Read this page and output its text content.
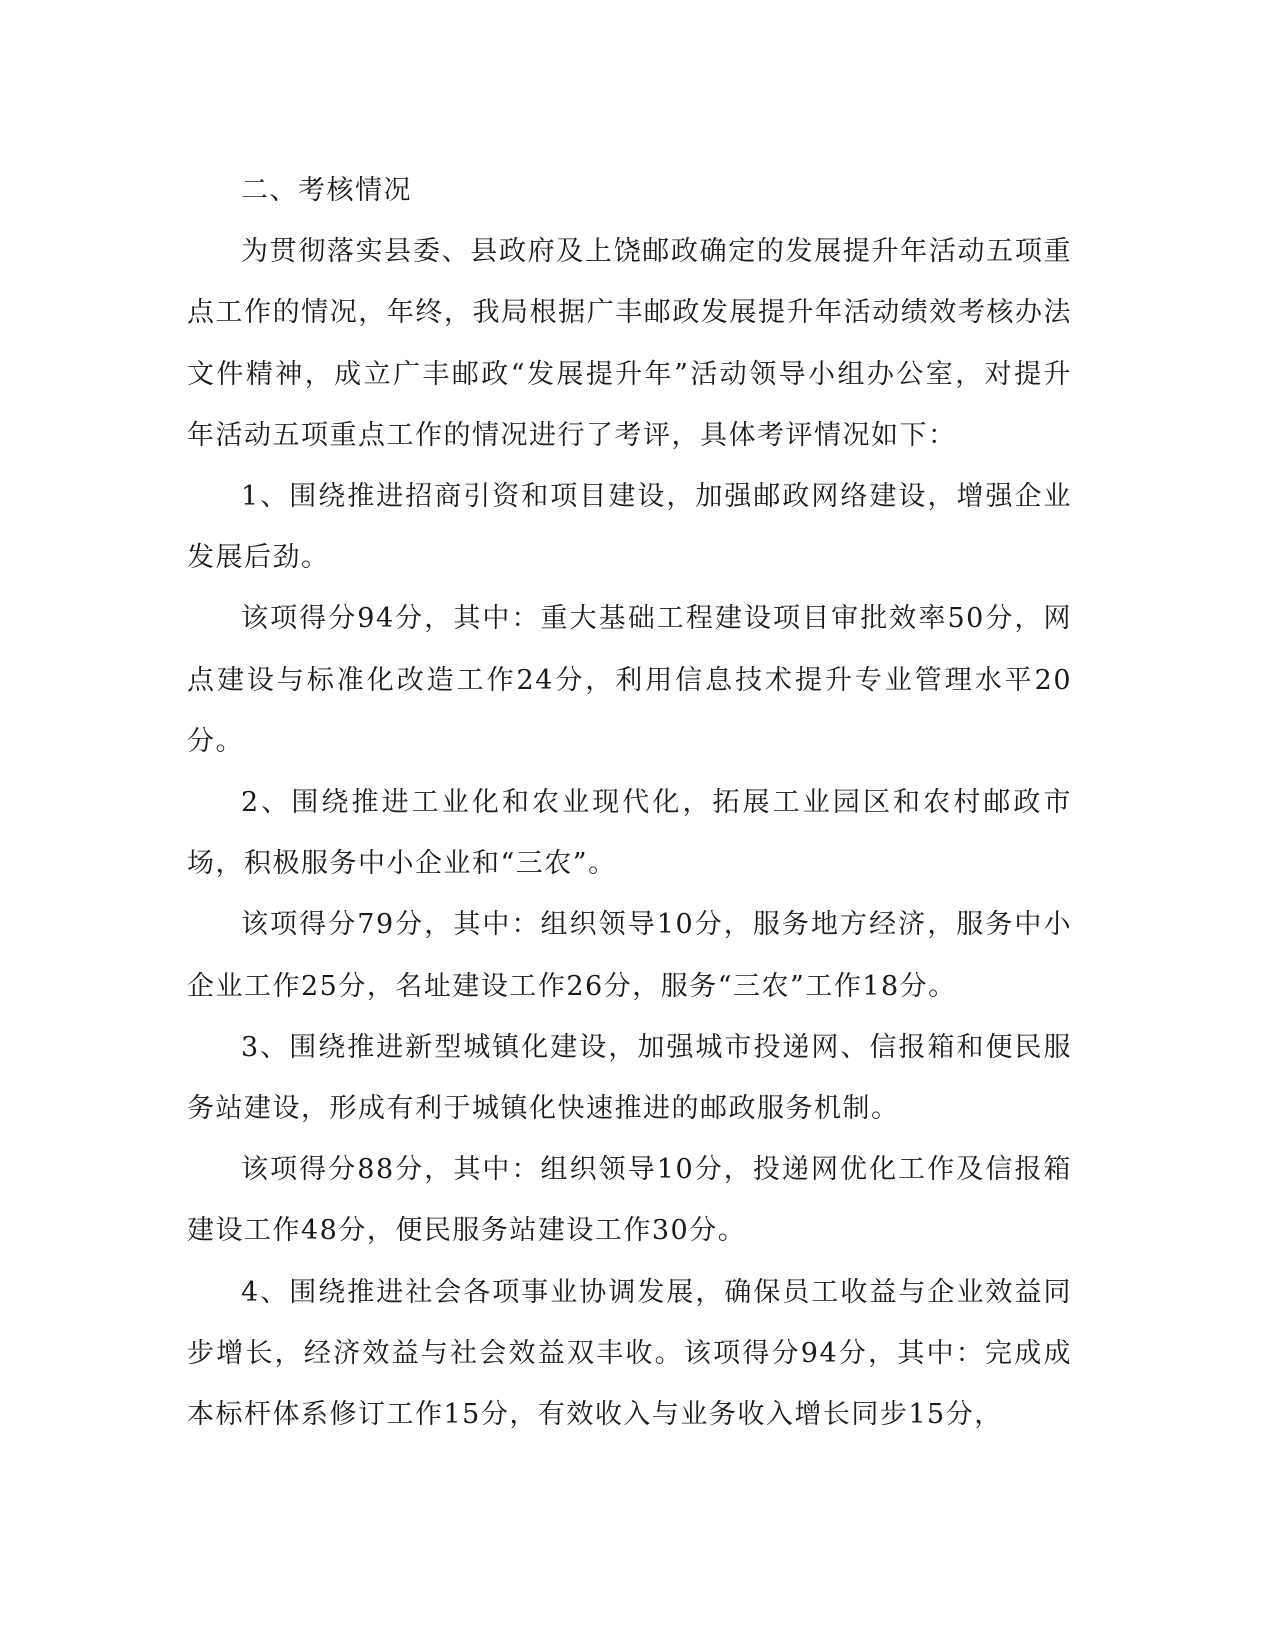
二、考核情况

为贯彻落实县委、县政府及上饶邮政确定的发展提升年活动五项重点工作的情况，年终，我局根据广丰邮政发展提升年活动绩效考核办法文件精神，成立广丰邮政“发展提升年”活动领导小组办公室，对提升年活动五项重点工作的情况进行了考评，具体考评情况如下：

1、围绕推进招商引资和项目建设，加强邮政网络建设，增强企业发展后劲。

该项得分94分，其中：重大基础工程建设项目审批效率50分，网点建设与标准化改造工作24分，利用信息技术提升专业管理水平20分。

2、围绕推进工业化和农业现代化，拓展工业园区和农村邮政市场，积极服务中小企业和“三农”。

该项得分79分，其中：组织领导10分，服务地方经济，服务中小企业工作25分，名址建设工作26分，服务“三农”工作18分。

3、围绕推进新型城镇化建设，加强城市投递网、信报箱和便民服务站建设，形成有利于城镇化快速推进的邮政服务机制。

该项得分88分，其中：组织领导10分，投递网优化工作及信报箱建设工作48分，便民服务站建设工作30分。

4、围绕推进社会各项事业协调发展，确保员工收益与企业效益同步增长，经济效益与社会效益双丰收。该项得分94分，其中：完成成本标杆体系修订工作15分，有效收入与业务收入增长同步15分，
